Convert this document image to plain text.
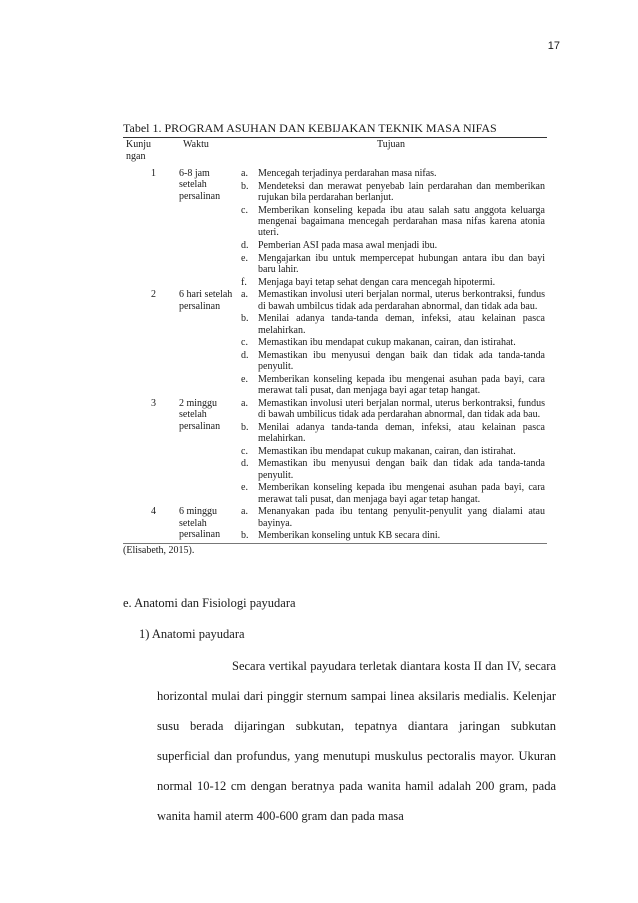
17
Tabel 1. PROGRAM ASUHAN DAN KEBIJAKAN TEKNIK MASA NIFAS
Kunju ngan
Waktu	Tujuan
1 6-8 jam setelah persalinan
a. Mencegah terjadinya perdarahan masa nifas.
b. Mendeteksi dan merawat penyebab lain perdarahan dan memberikan rujukan bila perdarahan berlanjut.
c. Memberikan konseling kepada ibu atau salah satu anggota keluarga mengenai bagaimana mencegah perdarahan masa nifas karena atonia uteri.
d. Pemberian ASI pada masa awal menjadi ibu.
e. Mengajarkan ibu untuk mempercepat hubungan antara ibu dan bayi baru lahir.
f. Menjaga bayi tetap sehat dengan cara mencegah hipotermi.
2 6 hari setelah persalinan
a. Memastikan involusi uteri berjalan normal, uterus berkontraksi, fundus di bawah umbilcus tidak ada perdarahan abnormal, dan tidak ada bau.
b. Menilai adanya tanda-tanda deman, infeksi, atau kelainan pasca melahirkan.
c. Memastikan ibu mendapat cukup makanan, cairan, dan istirahat.
d. Memastikan ibu menyusui dengan baik dan tidak ada tanda-tanda penyulit.
e. Memberikan konseling kepada ibu mengenai asuhan pada bayi, cara merawat tali pusat, dan menjaga bayi agar tetap hangat.
3 2 minggu setelah persalinan
a. Memastikan involusi uteri berjalan normal, uterus berkontraksi, fundus di bawah umbilicus tidak ada perdarahan abnormal, dan tidak ada bau.
b. Menilai adanya tanda-tanda deman, infeksi, atau kelainan pasca melahirkan.
c. Memastikan ibu mendapat cukup makanan, cairan, dan istirahat.
d. Memastikan ibu menyusui dengan baik dan tidak ada tanda-tanda penyulit.
e. Memberikan konseling kepada ibu mengenai asuhan pada bayi, cara merawat tali pusat, dan menjaga bayi agar tetap hangat.
4 6 minggu setelah persalinan
a. Menanyakan pada ibu tentang penyulit-penyulit yang dialami atau bayinya.
b. Memberikan konseling untuk KB secara dini.
(Elisabeth, 2015).
e. Anatomi dan Fisiologi payudara
1) Anatomi payudara

Secara vertikal payudara terletak diantara kosta II dan IV, secara horizontal mulai dari pinggir sternum sampai linea aksilaris medialis. Kelenjar susu berada dijaringan subkutan, tepatnya diantara jaringan subkutan superficial dan profundus, yang menutupi muskulus pectoralis mayor. Ukuran normal 10-12 cm dengan beratnya pada wanita hamil adalah 200 gram, pada wanita hamil aterm 400-600 gram dan pada masa
